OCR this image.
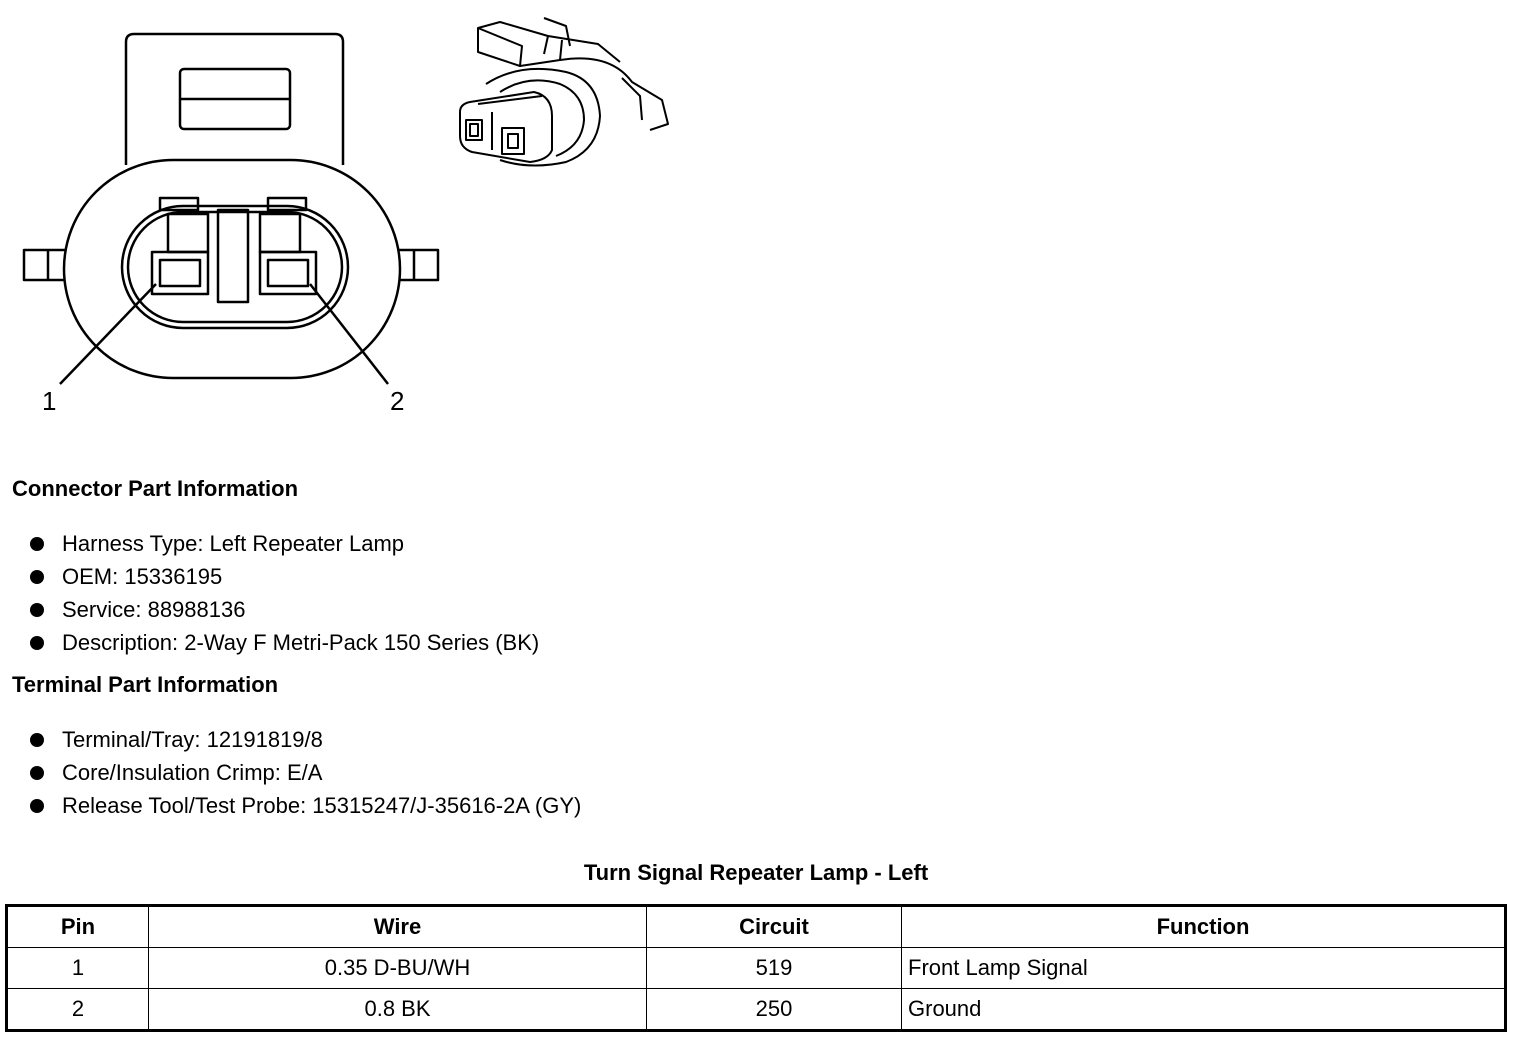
1	2

Connector Part Information

Harness Type: Left Repeater Lamp
OEM: 15336195
Service: 88988136
Description: 2-Way F Metri-Pack 150 Series (BK)

Terminal Part Information

Terminal/Tray: 12191819/8
Core/Insulation Crimp: E/A
Release Tool/Test Probe: 15315247/J-35616-2A (GY)

Turn Signal Repeater Lamp - Left

Pin	Wire	Circuit	Function
1	0.35 D-BU/WH	519	Front Lamp Signal
2	0.8 BK	250	Ground
